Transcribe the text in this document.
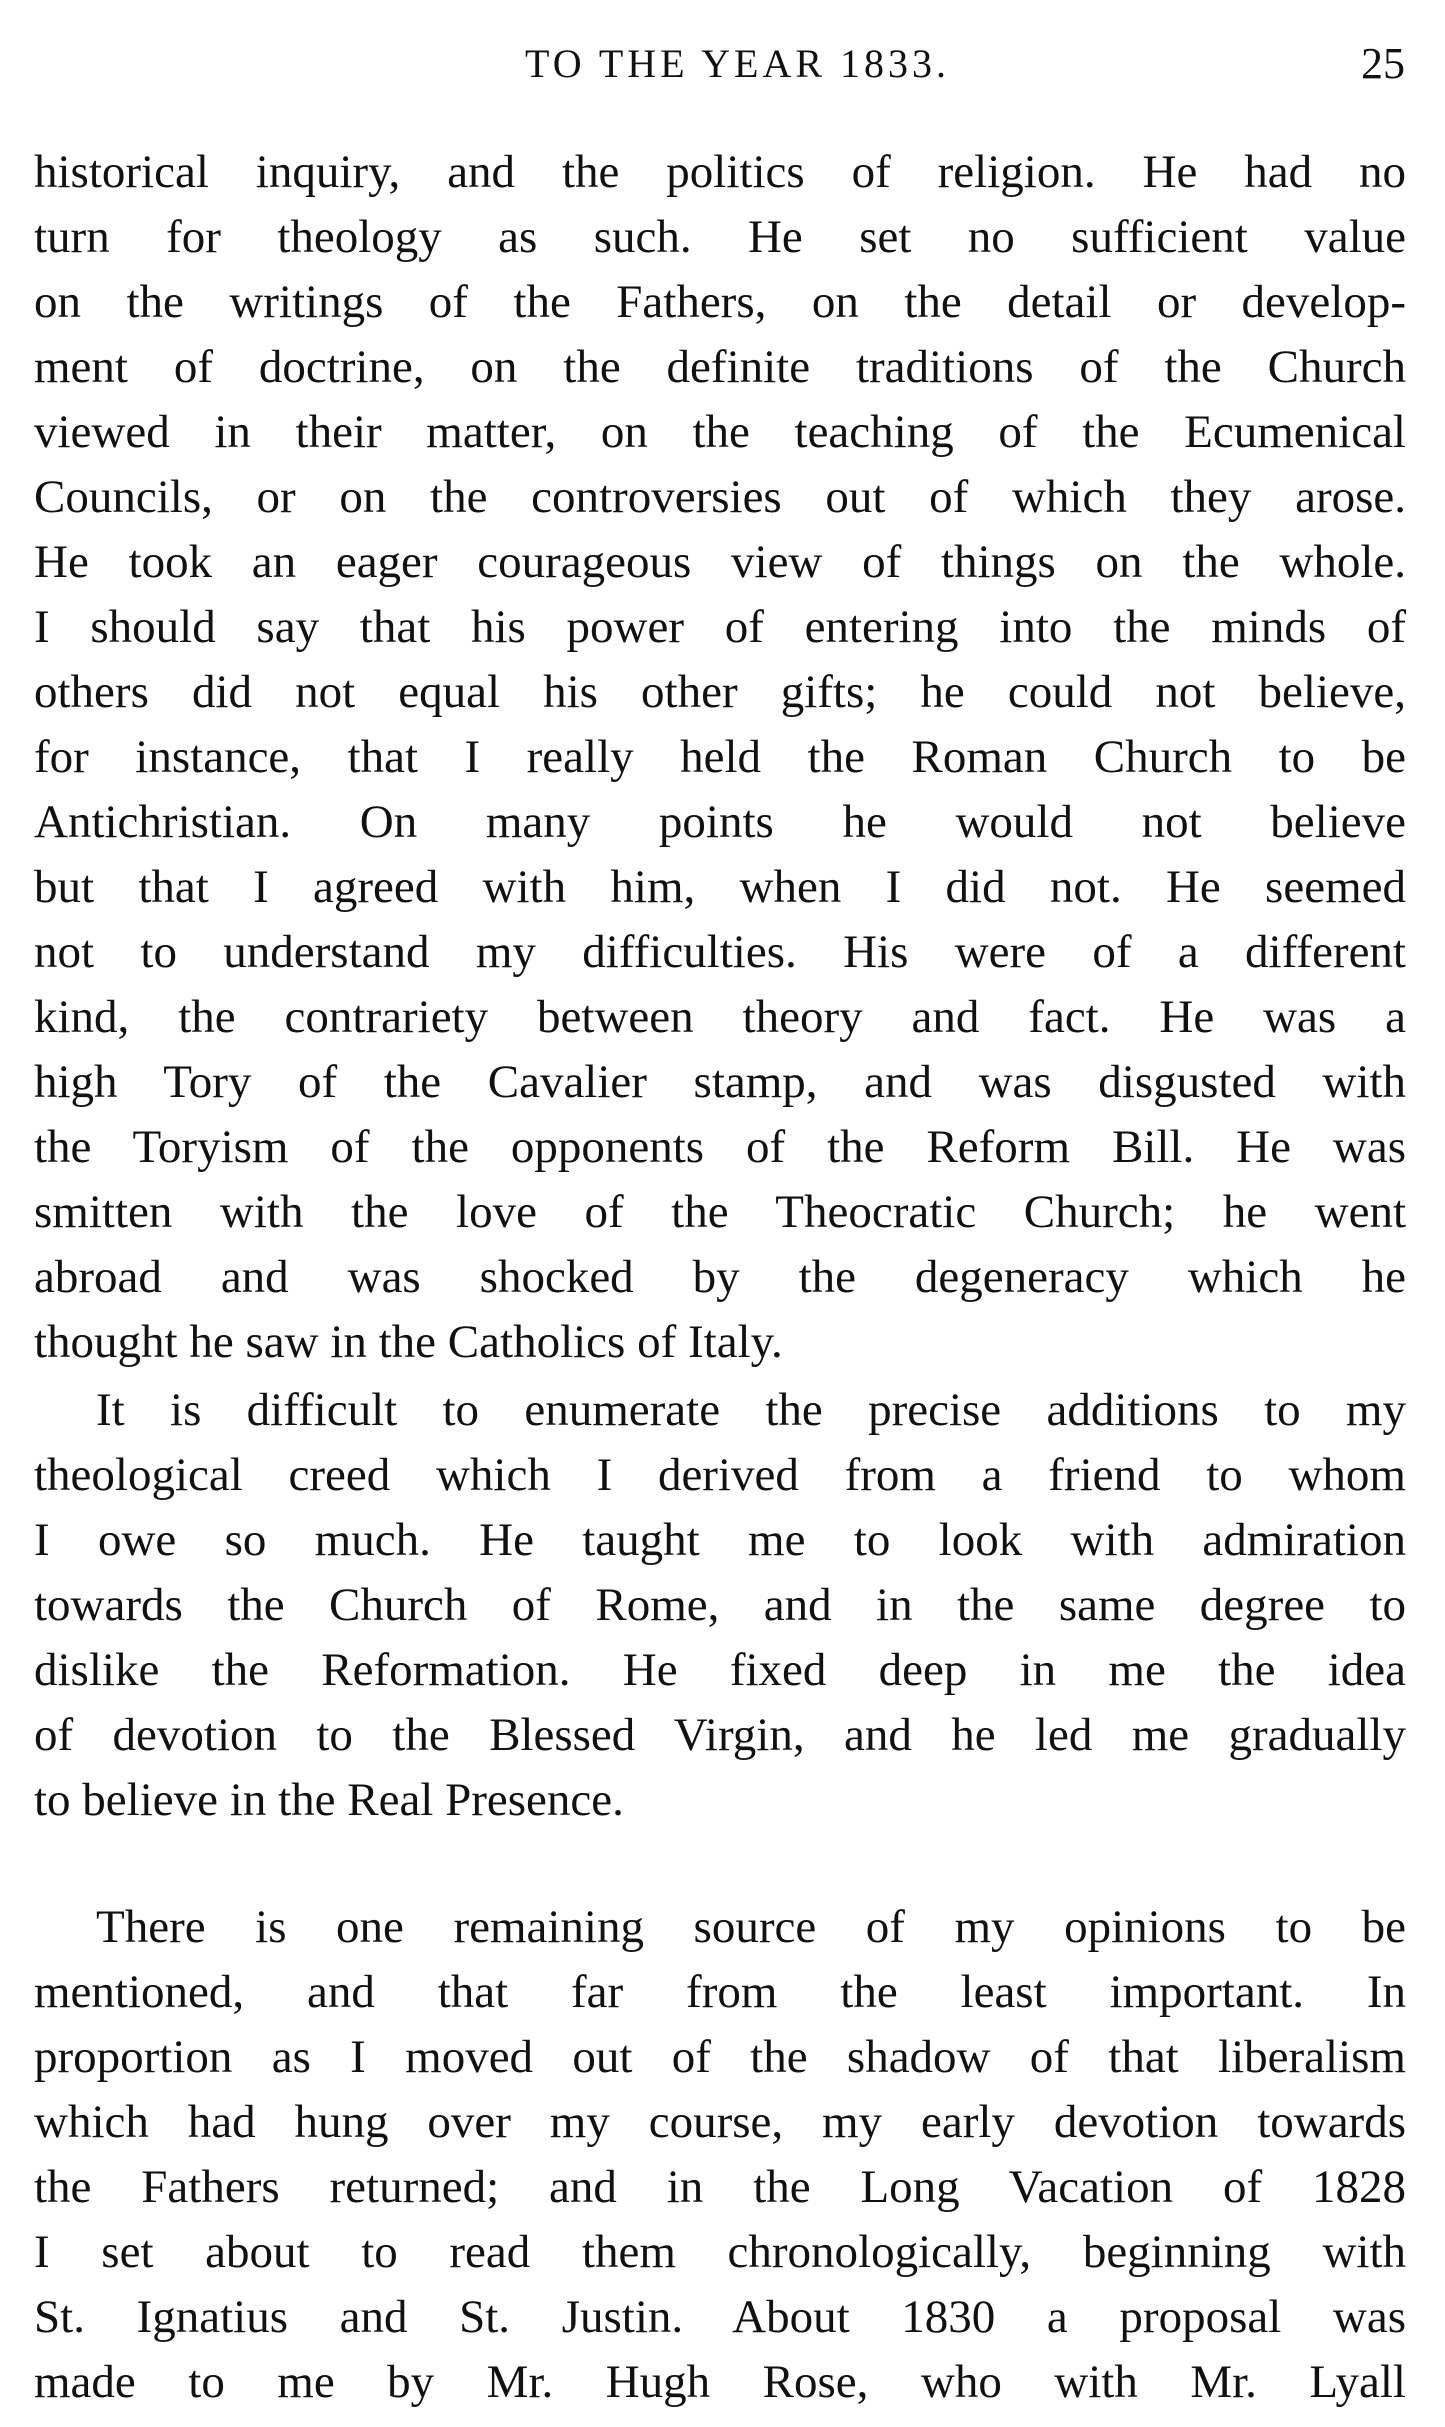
TO THE YEAR 1833.	25
historical inquiry, and the politics of religion. He had no
turn for theology as such. He set no sufficient value
on the writings of the Fathers, on the detail or develop-
ment of doctrine, on the definite traditions of the Church
viewed in their matter, on the teaching of the Ecumenical
Councils, or on the controversies out of which they arose.
He took an eager courageous view of things on the whole.
I should say that his power of entering into the minds of
others did not equal his other gifts; he could not believe,
for instance, that I really held the Roman Church to be
Antichristian. On many points he would not believe
but that I agreed with him, when I did not. He seemed
not to understand my difficulties. His were of a different
kind, the contrariety between theory and fact. He was a
high Tory of the Cavalier stamp, and was disgusted with
the Toryism of the opponents of the Reform Bill. He was
smitten with the love of the Theocratic Church; he went
abroad and was shocked by the degeneracy which he
thought he saw in the Catholics of Italy.
It is difficult to enumerate the precise additions to my
theological creed which I derived from a friend to whom
I owe so much. He taught me to look with admiration
towards the Church of Rome, and in the same degree to
dislike the Reformation. He fixed deep in me the idea
of devotion to the Blessed Virgin, and he led me gradually
to believe in the Real Presence.
There is one remaining source of my opinions to be
mentioned, and that far from the least important. In
proportion as I moved out of the shadow of that liberalism
which had hung over my course, my early devotion towards
the Fathers returned; and in the Long Vacation of 1828
I set about to read them chronologically, beginning with
St. Ignatius and St. Justin. About 1830 a proposal was
made to me by Mr. Hugh Rose, who with Mr. Lyall
